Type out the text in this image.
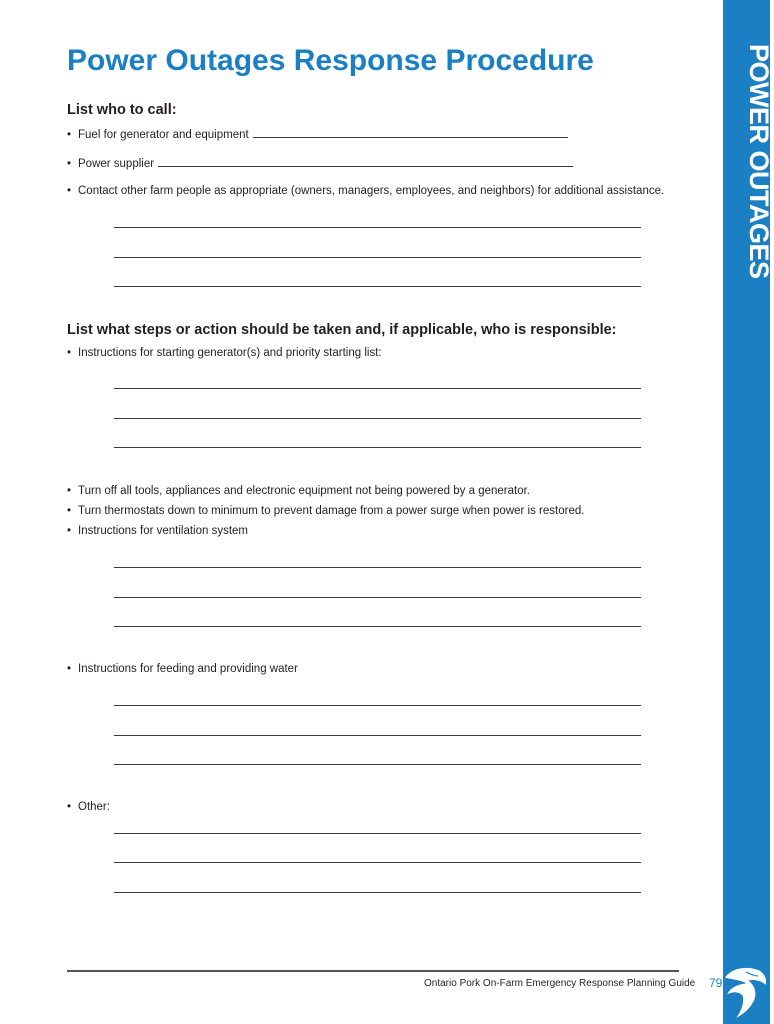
POWER OUTAGES
Power Outages Response Procedure
List who to call:
• Fuel for generator and equipment
• Power supplier
• Contact other farm people as appropriate (owners, managers, employees, and neighbors) for additional assistance.
List what steps or action should be taken and, if applicable, who is responsible:
• Instructions for starting generator(s) and priority starting list:
• Turn off all tools, appliances and electronic equipment not being powered by a generator.
• Turn thermostats down to minimum to prevent damage from a power surge when power is restored.
• Instructions for ventilation system
• Instructions for feeding and providing water
• Other:
Ontario Pork On-Farm Emergency Response Planning Guide 79
